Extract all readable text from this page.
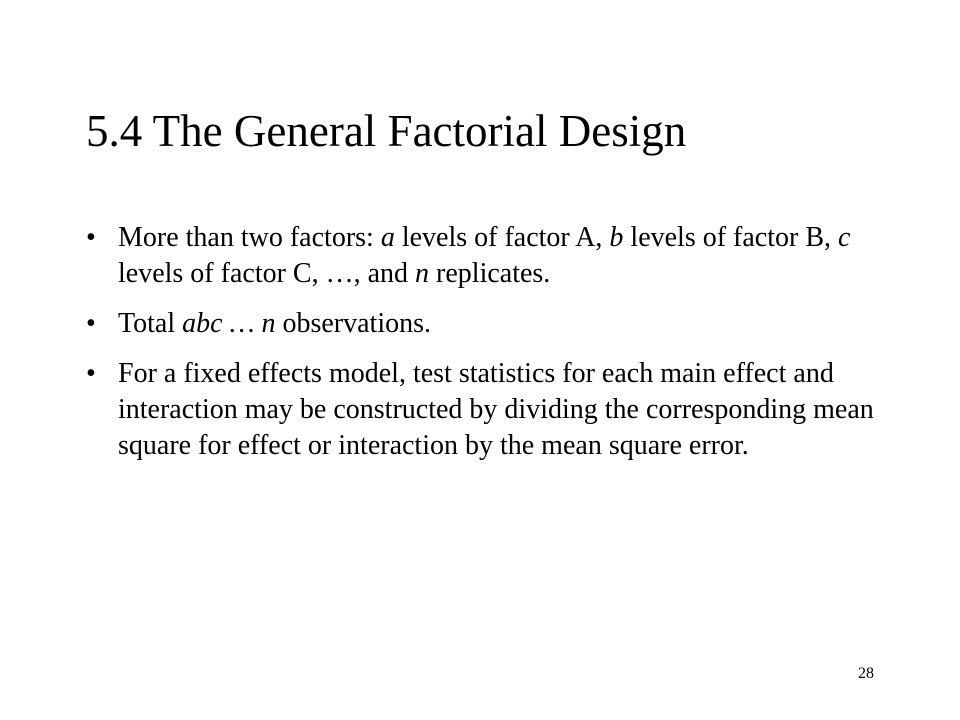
5.4 The General Factorial Design
• More than two factors: a levels of factor A, b levels of factor B, c levels of factor C, …, and n replicates.
• Total abc … n observations.
• For a fixed effects model, test statistics for each main effect and interaction may be constructed by dividing the corresponding mean square for effect or interaction by the mean square error.
28
